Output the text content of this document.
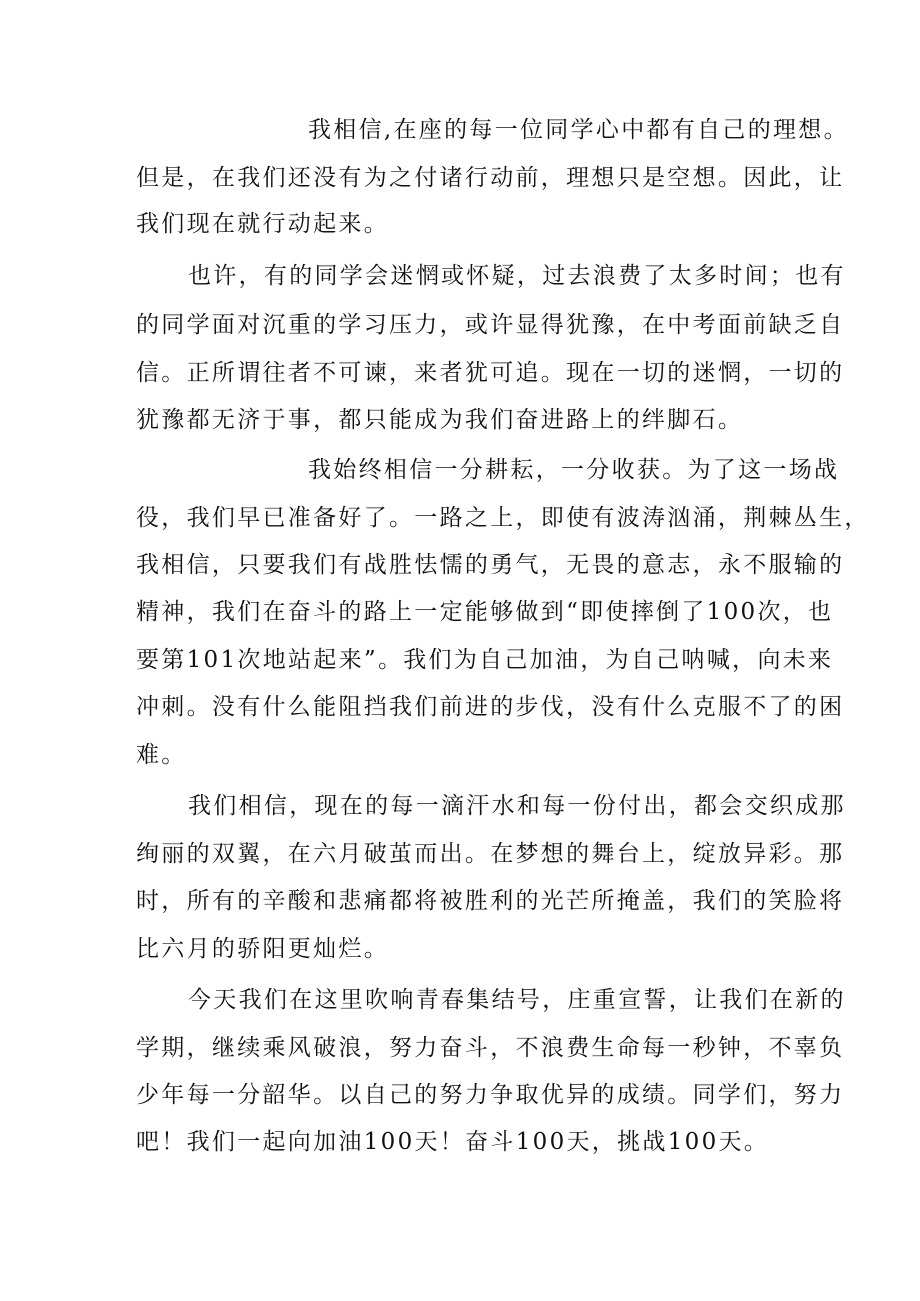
我相信,在座的每一位同学心中都有自己的理想。
但是，在我们还没有为之付诸行动前，理想只是空想。因此，让
我们现在就行动起来。
也许，有的同学会迷惘或怀疑，过去浪费了太多时间；也有
的同学面对沉重的学习压力，或许显得犹豫，在中考面前缺乏自
信。正所谓往者不可谏，来者犹可追。现在一切的迷惘，一切的
犹豫都无济于事，都只能成为我们奋进路上的绊脚石。
我始终相信一分耕耘，一分收获。为了这一场战
役，我们早已准备好了。一路之上，即使有波涛汹涌，荆棘丛生，
我相信，只要我们有战胜怯懦的勇气，无畏的意志，永不服输的
精神，我们在奋斗的路上一定能够做到“即使摔倒了100次，也
要第101次地站起来”。我们为自己加油，为自己呐喊，向未来
冲刺。没有什么能阻挡我们前进的步伐，没有什么克服不了的困
难。
我们相信，现在的每一滴汗水和每一份付出，都会交织成那
绚丽的双翼，在六月破茧而出。在梦想的舞台上，绽放异彩。那
时，所有的辛酸和悲痛都将被胜利的光芒所掩盖，我们的笑脸将
比六月的骄阳更灿烂。
今天我们在这里吹响青春集结号，庄重宣誓，让我们在新的
学期，继续乘风破浪，努力奋斗，不浪费生命每一秒钟，不辜负
少年每一分韶华。以自己的努力争取优异的成绩。同学们，努力
吧！我们一起向加油100天！奋斗100天，挑战100天。
